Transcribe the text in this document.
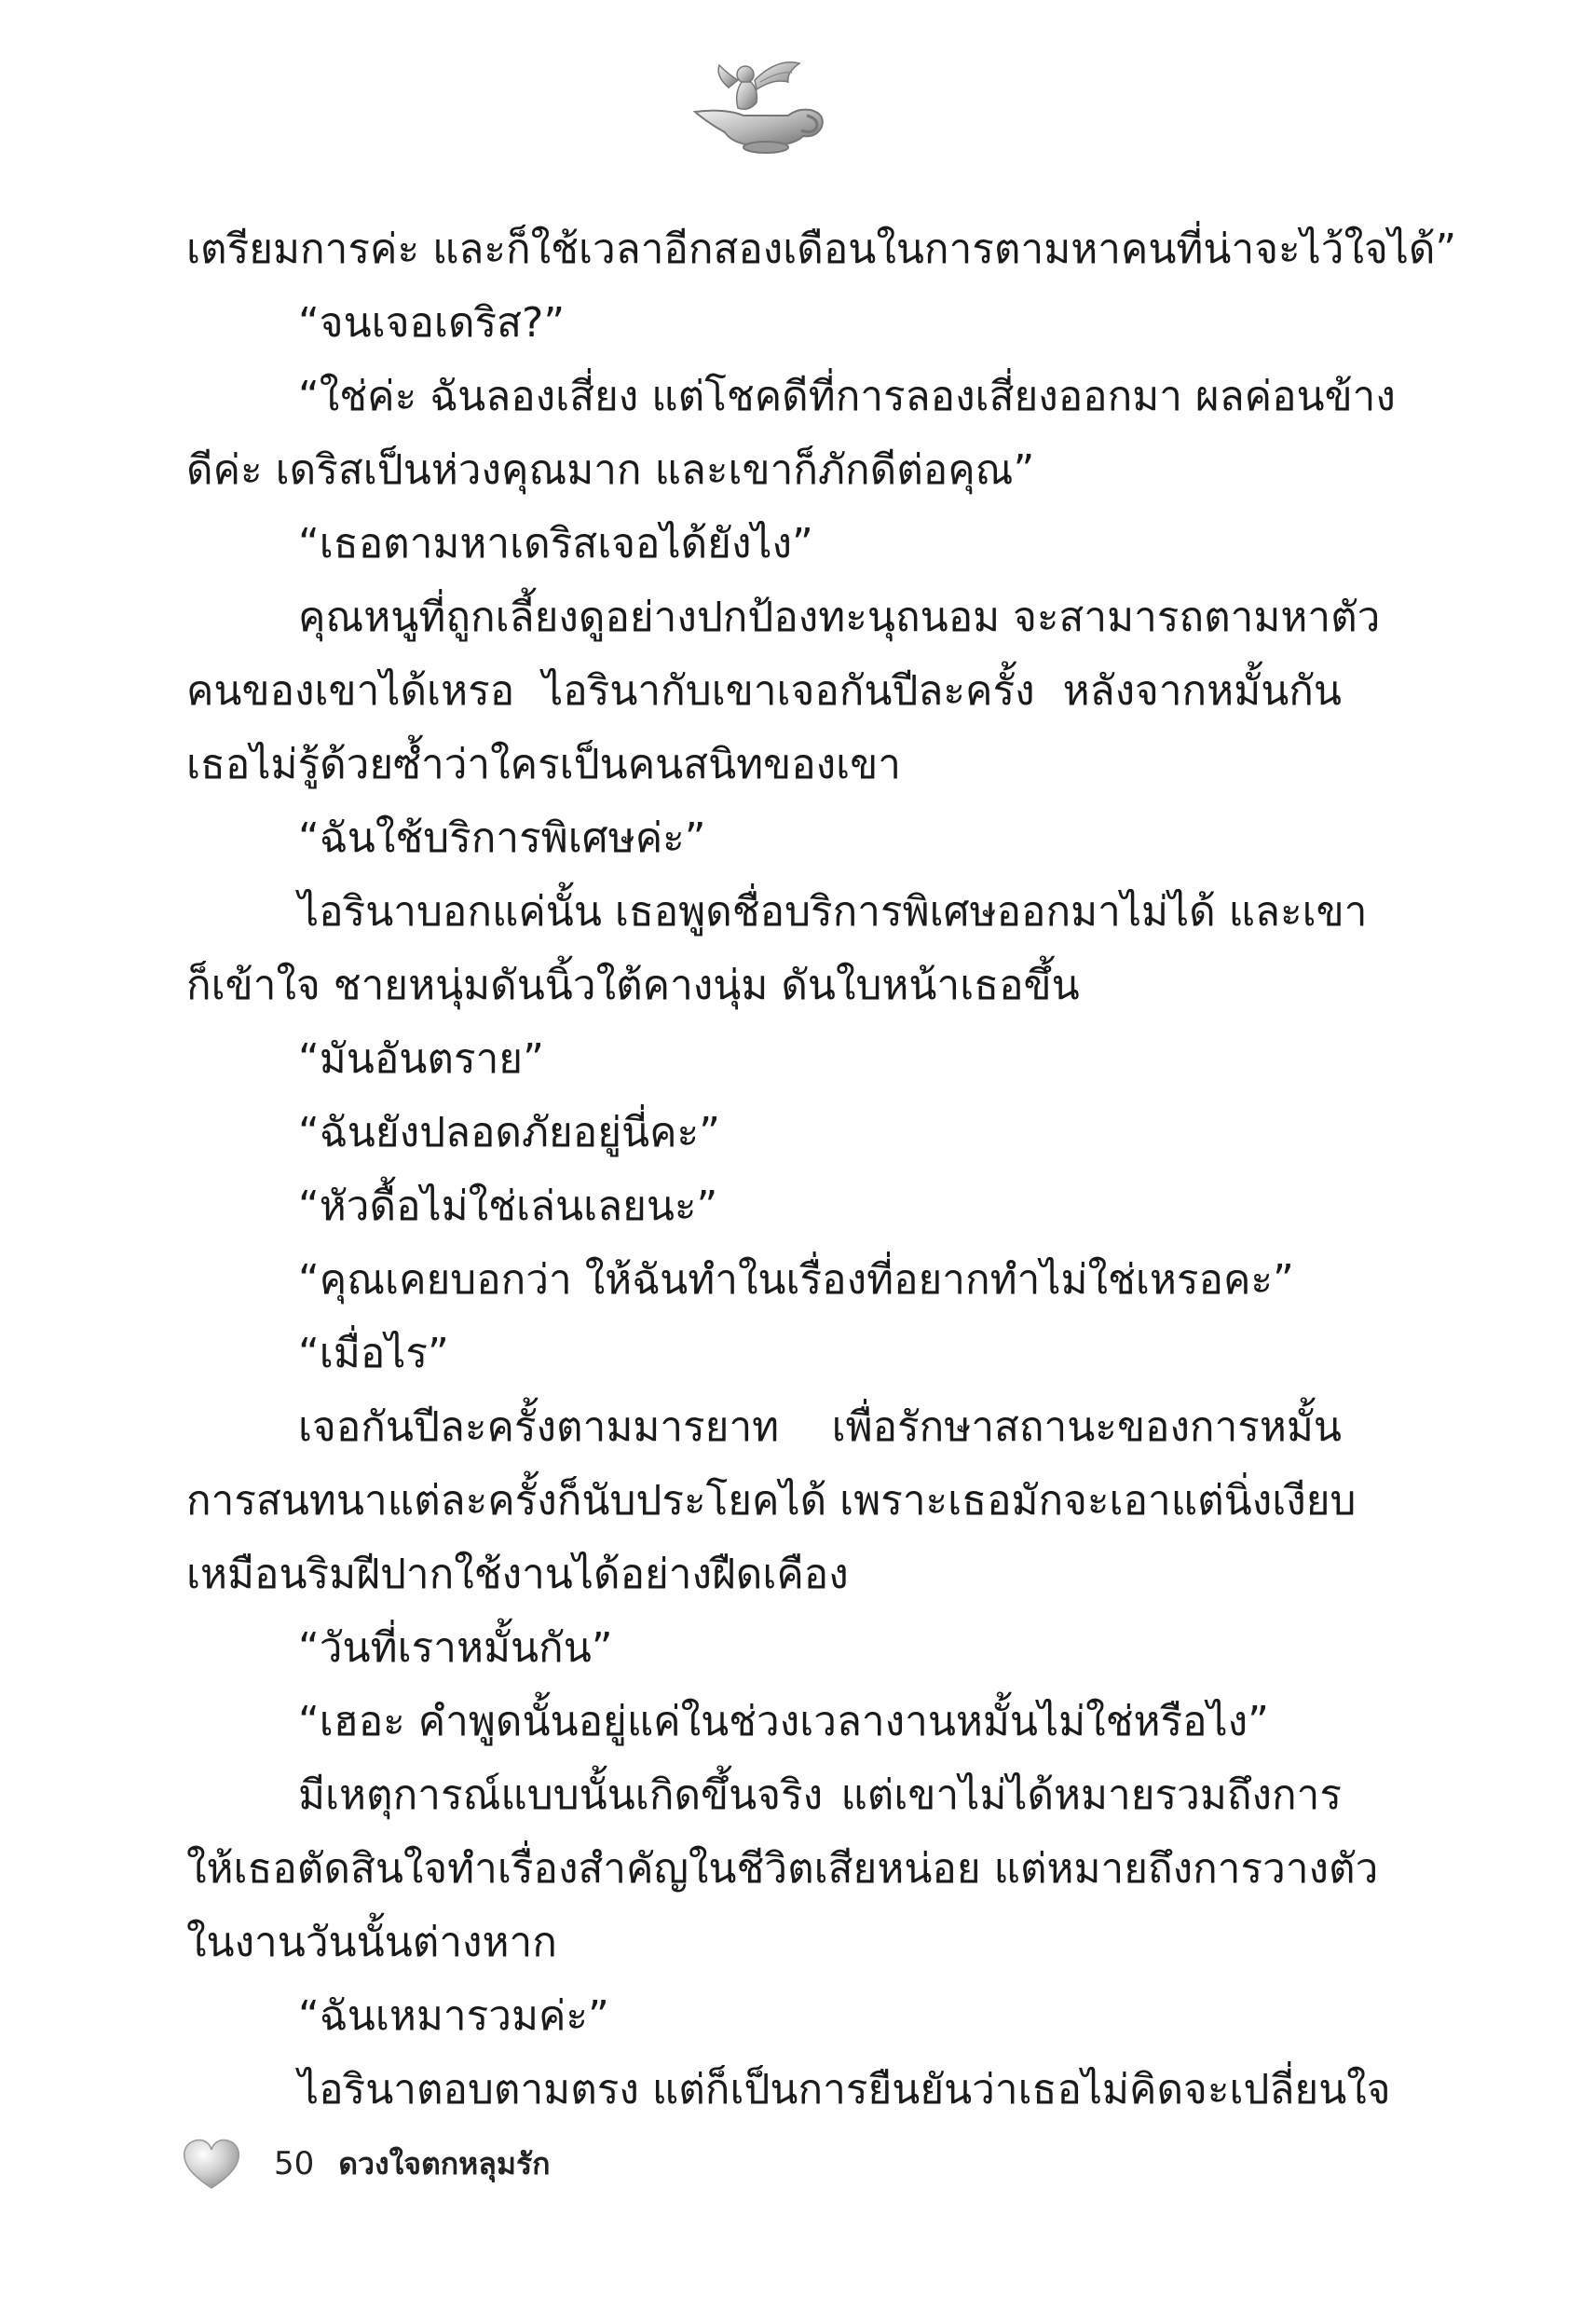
เตรียมการค่ะ และก็ใช้เวลาอีกสองเดือนในการตามหาคนที่น่าจะไว้ใจได้”
“จนเจอเดริส?”
“ใช่ค่ะ ฉันลองเสี่ยง แต่โชคดีที่การลองเสี่ยงออกมา ผลค่อนข้าง
ดีค่ะ เดริสเป็นห่วงคุณมาก และเขาก็ภักดีต่อคุณ”
“เธอตามหาเดริสเจอได้ยังไง”
คุณหนูที่ถูกเลี้ยงดูอย่างปกป้องทะนุถนอม จะสามารถตามหาตัว
คนของเขาได้เหรอ ไอรินากับเขาเจอกันปีละครั้ง หลังจากหมั้นกัน
เธอไม่รู้ด้วยซ้ำว่าใครเป็นคนสนิทของเขา
“ฉันใช้บริการพิเศษค่ะ”
ไอรินาบอกแค่นั้น เธอพูดชื่อบริการพิเศษออกมาไม่ได้ และเขา
ก็เข้าใจ ชายหนุ่มดันนิ้วใต้คางนุ่ม ดันใบหน้าเธอขึ้น
“มันอันตราย”
“ฉันยังปลอดภัยอยู่นี่คะ”
“หัวดื้อไม่ใช่เล่นเลยนะ”
“คุณเคยบอกว่า ให้ฉันทำในเรื่องที่อยากทำไม่ใช่เหรอคะ”
“เมื่อไร”
เจอกันปีละครั้งตามมารยาท เพื่อรักษาสถานะของการหมั้น
การสนทนาแต่ละครั้งก็นับประโยคได้ เพราะเธอมักจะเอาแต่นิ่งเงียบ
เหมือนริมฝีปากใช้งานได้อย่างฝืดเคือง
“วันที่เราหมั้นกัน”
“เฮอะ คำพูดนั้นอยู่แค่ในช่วงเวลางานหมั้นไม่ใช่หรือไง”
มีเหตุการณ์แบบนั้นเกิดขึ้นจริง แต่เขาไม่ได้หมายรวมถึงการ
ให้เธอตัดสินใจทำเรื่องสำคัญในชีวิตเสียหน่อย แต่หมายถึงการวางตัว
ในงานวันนั้นต่างหาก
“ฉันเหมารวมค่ะ”
ไอรินาตอบตามตรง แต่ก็เป็นการยืนยันว่าเธอไม่คิดจะเปลี่ยนใจ
50 ดวงใจตกหลุมรัก
